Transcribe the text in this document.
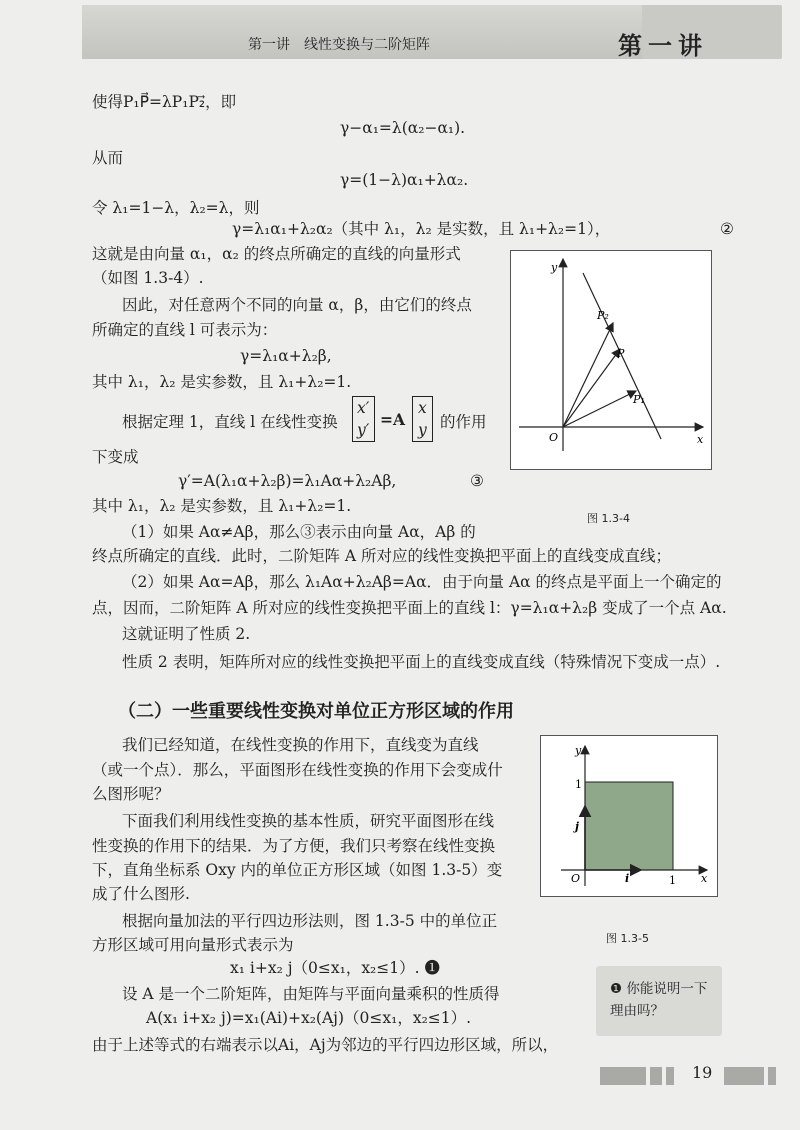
第一讲　线性变换与二阶矩阵	第一讲
使得P₁P⃗=λP₁P₂⃗，即
γ−α₁=λ(α₂−α₁).
从而
γ=(1−λ)α₁+λα₂.
令 λ₁=1−λ，λ₂=λ，则
γ=λ₁α₁+λ₂α₂（其中 λ₁，λ₂ 是实数，且 λ₁+λ₂=1），	②
这就是由向量 α₁，α₂ 的终点所确定的直线的向量形式
（如图 1.3-4）.
因此，对任意两个不同的向量 α，β，由它们的终点
所确定的直线 l 可表示为：
γ=λ₁α+λ₂β,
其中 λ₁，λ₂ 是实参数，且 λ₁+λ₂=1.
根据定理 1，直线 l 在线性变换
x′
y′
=A
x
y 的作用
下变成
γ′=A(λ₁α+λ₂β)=λ₁Aα+λ₂Aβ,	③
其中 λ₁，λ₂ 是实参数，且 λ₁+λ₂=1.
（1）如果 Aα≠Aβ，那么③表示由向量 Aα，Aβ 的
终点所确定的直线．此时，二阶矩阵 A 所对应的线性变换把平面上的直线变成直线；
（2）如果 Aα=Aβ，那么 λ₁Aα+λ₂Aβ=Aα．由于向量 Aα 的终点是平面上一个确定的
点，因而，二阶矩阵 A 所对应的线性变换把平面上的直线 l：γ=λ₁α+λ₂β 变成了一个点 Aα.
这就证明了性质 2.
性质 2 表明，矩阵所对应的线性变换把平面上的直线变成直线（特殊情况下变成一点）.
（二）一些重要线性变换对单位正方形区域的作用
我们已经知道，在线性变换的作用下，直线变为直线
（或一个点）．那么，平面图形在线性变换的作用下会变成什
么图形呢？
下面我们利用线性变换的基本性质，研究平面图形在线
性变换的作用下的结果．为了方便，我们只考察在线性变换
下，直角坐标系 Oxy 内的单位正方形区域（如图 1.3-5）变
成了什么图形.
根据向量加法的平行四边形法则，图 1.3-5 中的单位正
方形区域可用向量形式表示为
x₁ i+x₂ j（0≤x₁，x₂≤1）. ❶
设 A 是一个二阶矩阵，由矩阵与平面向量乘积的性质得
A(x₁ i+x₂ j)=x₁(Ai)+x₂(Aj)（0≤x₁，x₂≤1）.
由于上述等式的右端表示以Ai，Aj为邻边的平行四边形区域，所以，
y
x
O
P₂
P
P₁
图 1.3-4
y
x
O
1
1
i
j
图 1.3-5
❶ 你能说明一下理由吗？
19
